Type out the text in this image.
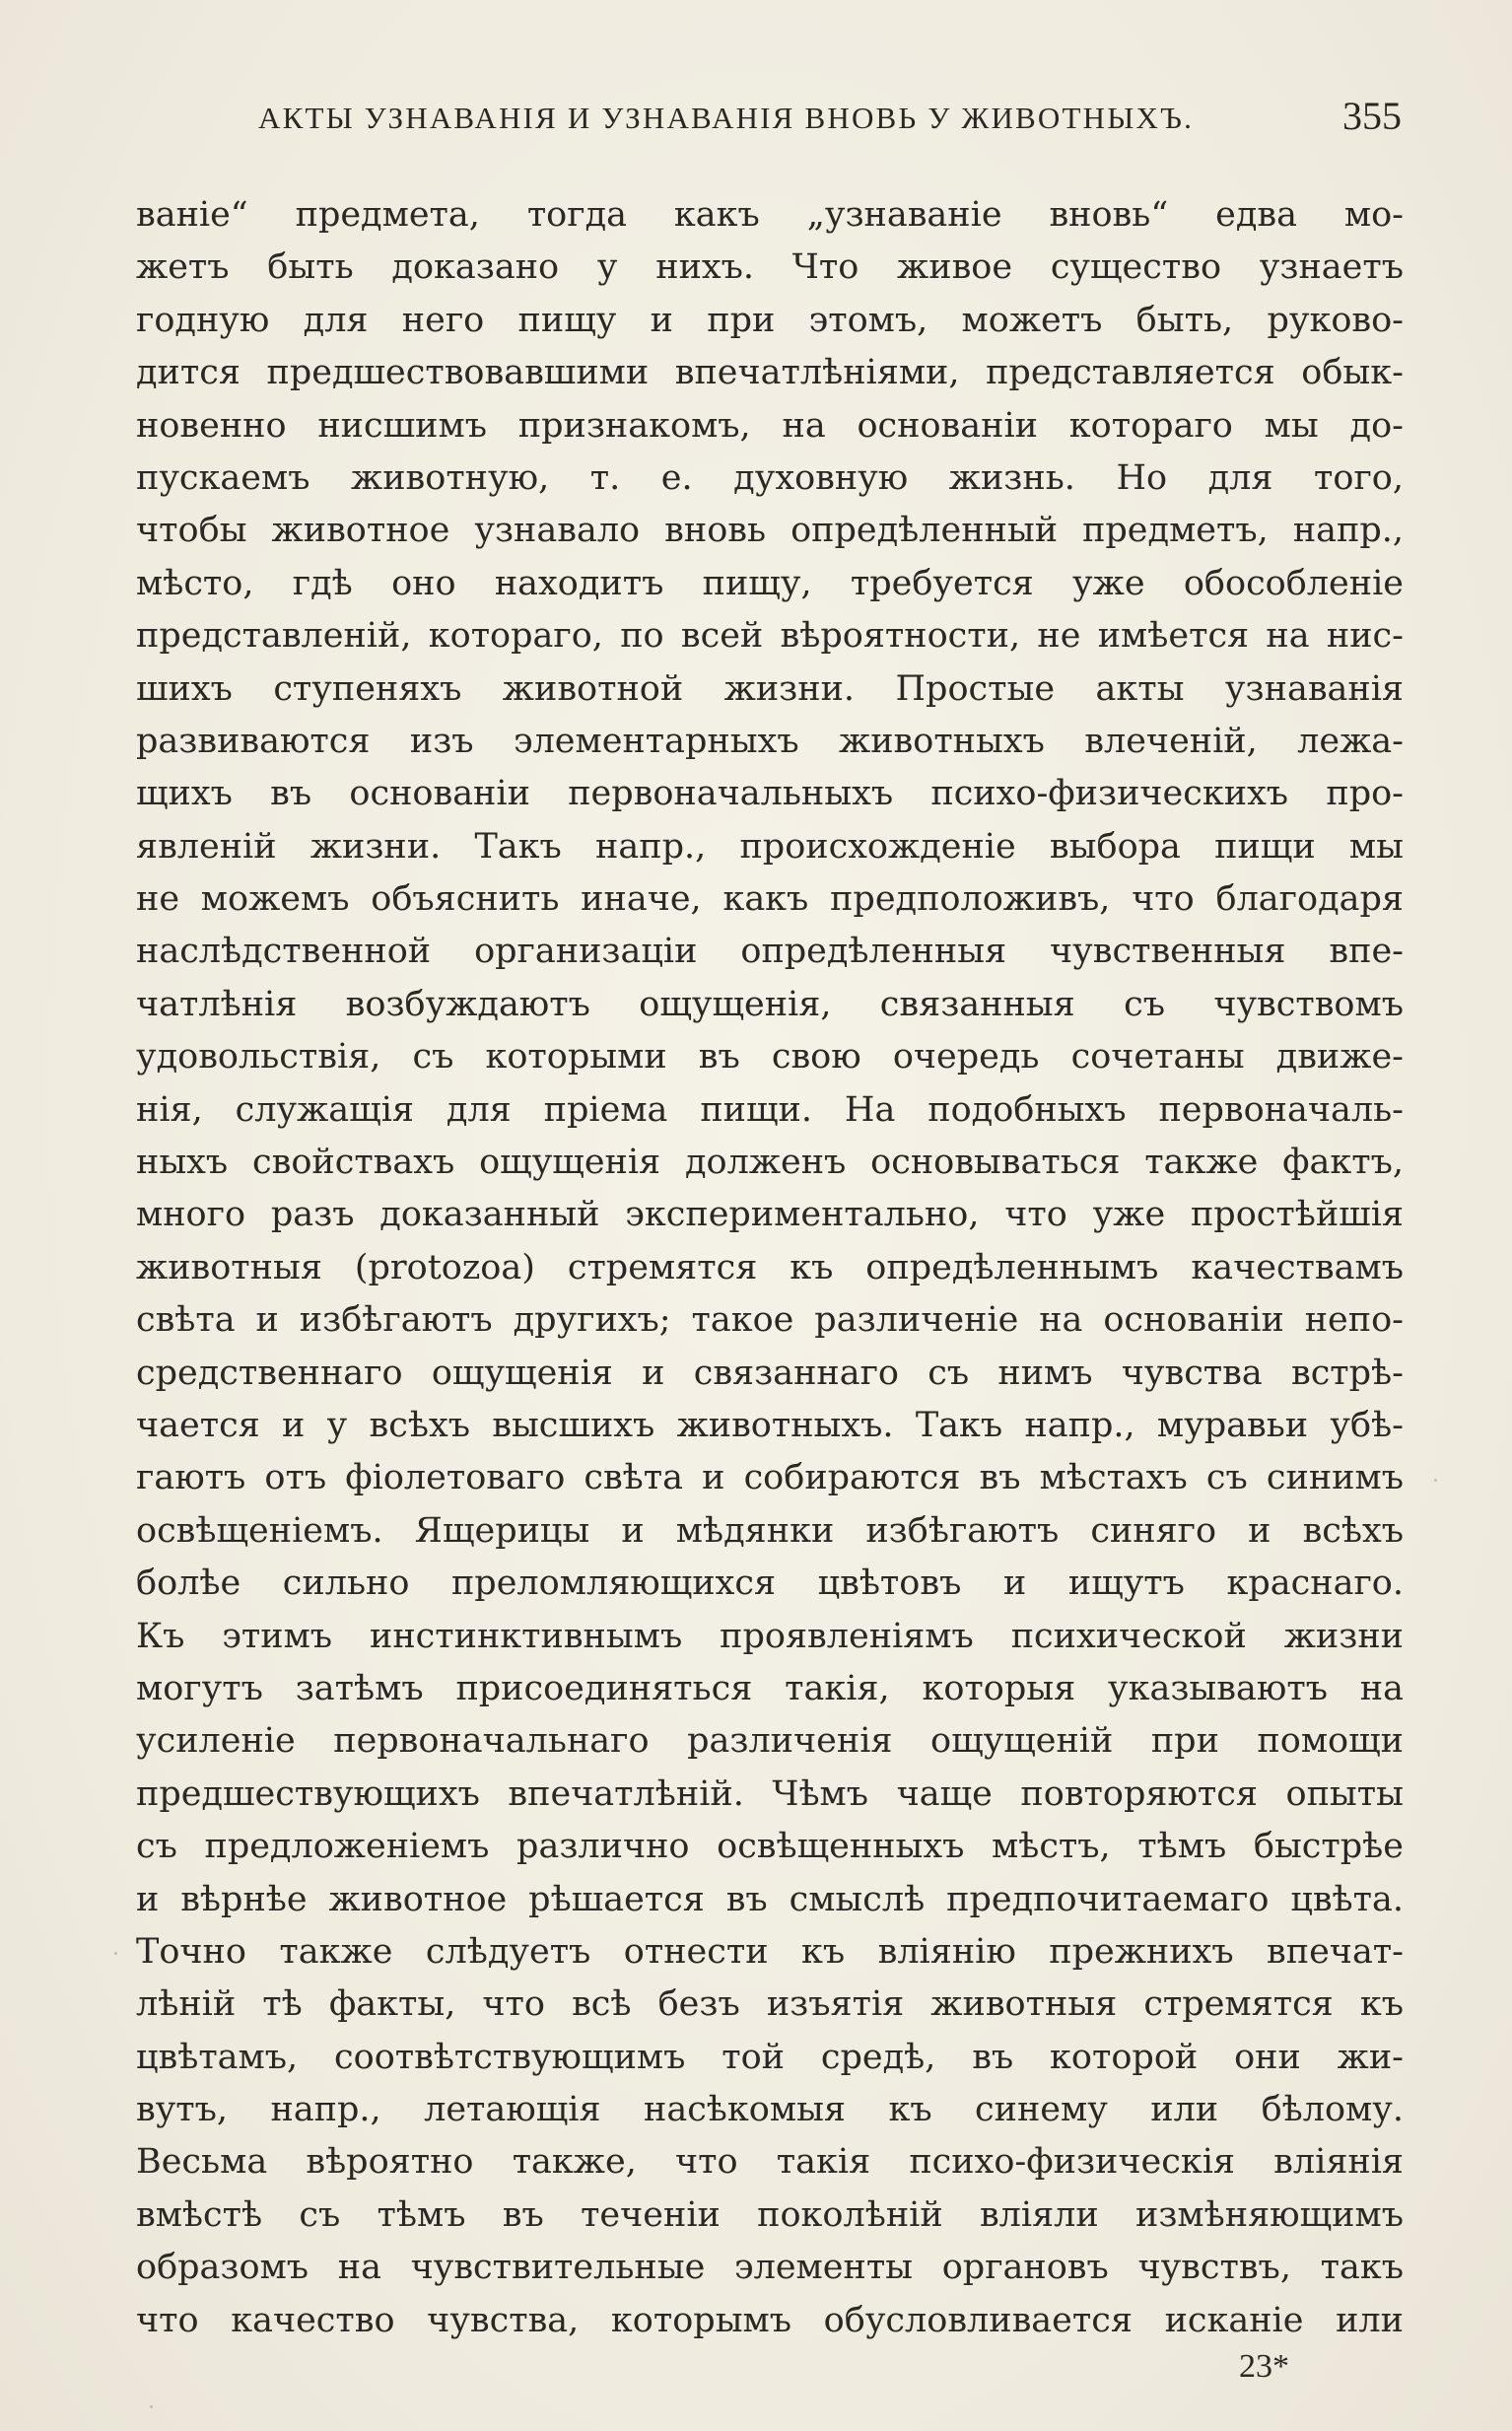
АКТЫ УЗНАВАНІЯ И УЗНАВАНІЯ ВНОВЬ У ЖИВОТНЫХЪ.	355
ваніе“ предмета, тогда какъ „узнаваніе вновь“ едва мо-
жетъ быть доказано у нихъ. Что живое существо узнаетъ
годную для него пищу и при этомъ, можетъ быть, руково-
дится предшествовавшими впечатлѣніями, представляется обык-
новенно нисшимъ признакомъ, на основаніи котораго мы до-
пускаемъ животную, т. е. духовную жизнь. Но для того,
чтобы животное узнавало вновь опредѣленный предметъ, напр.,
мѣсто, гдѣ оно находитъ пищу, требуется уже обособленіе
представленій, котораго, по всей вѣроятности, не имѣется на нис-
шихъ ступеняхъ животной жизни. Простые акты узнаванія
развиваются изъ элементарныхъ животныхъ влеченій, лежа-
щихъ въ основаніи первоначальныхъ психо-физическихъ про-
явленій жизни. Такъ напр., происхожденіе выбора пищи мы
не можемъ объяснить иначе, какъ предположивъ, что благодаря
наслѣдственной организаціи опредѣленныя чувственныя впе-
чатлѣнія возбуждаютъ ощущенія, связанныя съ чувствомъ
удовольствія, съ которыми въ свою очередь сочетаны движе-
нія, служащія для пріема пищи. На подобныхъ первоначаль-
ныхъ свойствахъ ощущенія долженъ основываться также фактъ,
много разъ доказанный экспериментально, что уже простѣйшія
животныя (protozoa) стремятся къ опредѣленнымъ качествамъ
свѣта и избѣгаютъ другихъ; такое различеніе на основаніи непо-
средственнаго ощущенія и связаннаго съ нимъ чувства встрѣ-
чается и у всѣхъ высшихъ животныхъ. Такъ напр., муравьи убѣ-
гаютъ отъ фіолетоваго свѣта и собираются въ мѣстахъ съ синимъ
освѣщеніемъ. Ящерицы и мѣдянки избѣгаютъ синяго и всѣхъ
болѣе сильно преломляющихся цвѣтовъ и ищутъ краснаго.
Къ этимъ инстинктивнымъ проявленіямъ психической жизни
могутъ затѣмъ присоединяться такія, которыя указываютъ на
усиленіе первоначальнаго различенія ощущеній при помощи
предшествующихъ впечатлѣній. Чѣмъ чаще повторяются опыты
съ предложеніемъ различно освѣщенныхъ мѣстъ, тѣмъ быстрѣе
и вѣрнѣе животное рѣшается въ смыслѣ предпочитаемаго цвѣта.
Точно также слѣдуетъ отнести къ вліянію прежнихъ впечат-
лѣній тѣ факты, что всѣ безъ изъятія животныя стремятся къ
цвѣтамъ, соотвѣтствующимъ той средѣ, въ которой они жи-
вутъ, напр., летающія насѣкомыя къ синему или бѣлому.
Весьма вѣроятно также, что такія психо-физическія вліянія
вмѣстѣ съ тѣмъ въ теченіи поколѣній вліяли измѣняющимъ
образомъ на чувствительные элементы органовъ чувствъ, такъ
что качество чувства, которымъ обусловливается исканіе или
23*
